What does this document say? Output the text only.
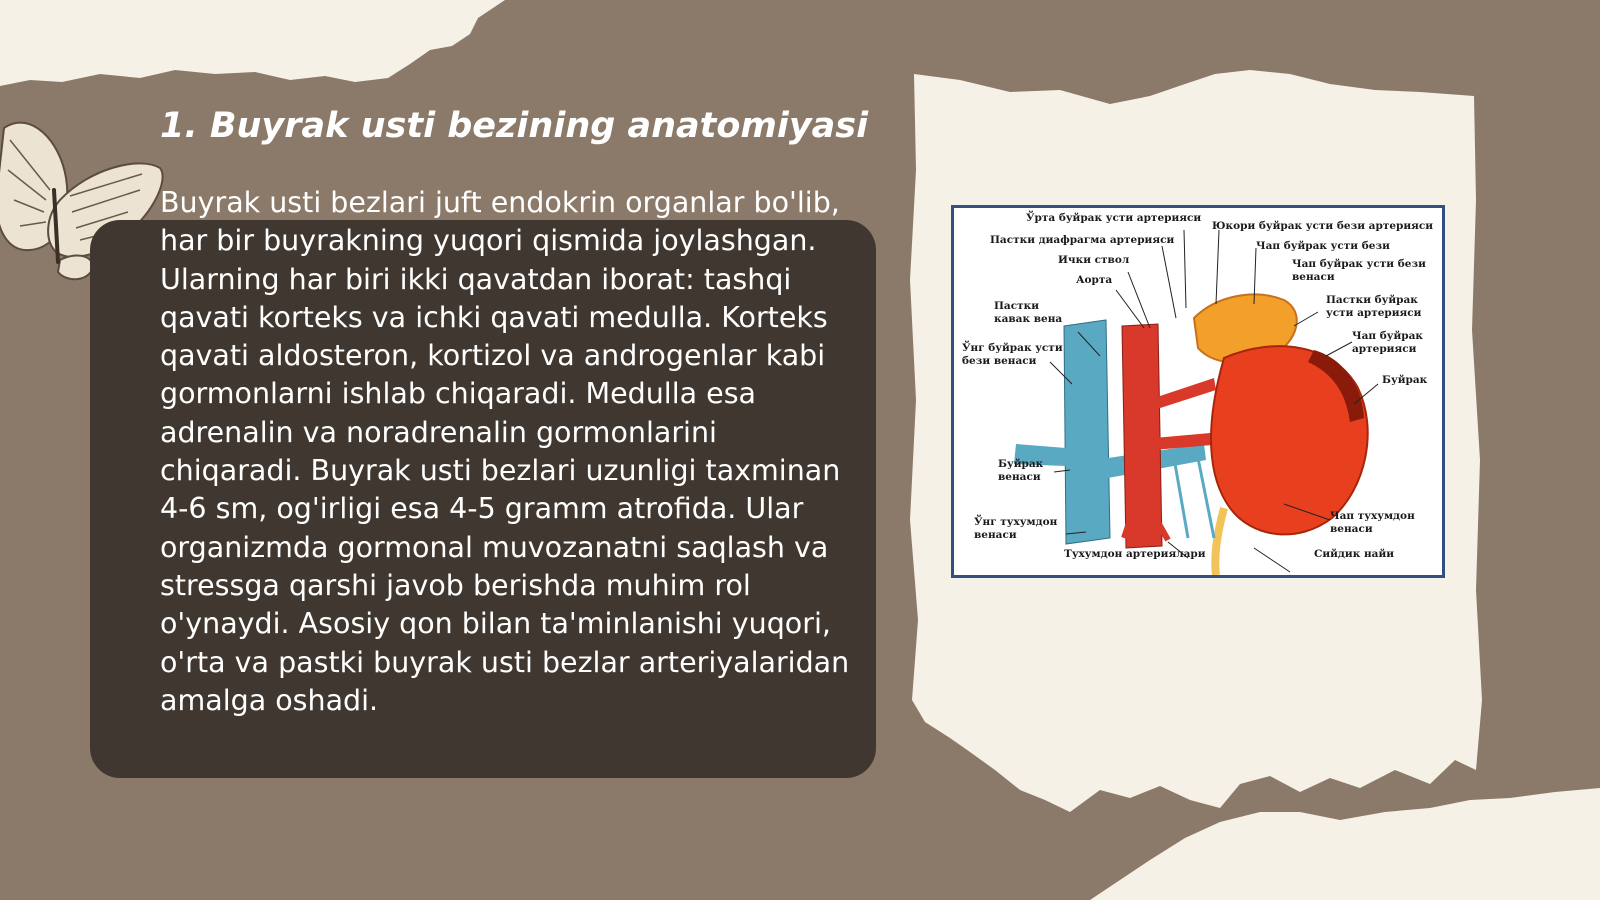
1. Buyrak usti bezining anatomiyasi

Buyrak usti bezlari juft endokrin organlar bo'lib, har bir buyrakning yuqori qismida joylashgan. Ularning har biri ikki qavatdan iborat: tashqi qavati korteks va ichki qavati medulla. Korteks qavati aldosteron, kortizol va androgenlar kabi gormonlarni ishlab chiqaradi. Medulla esa adrenalin va noradrenalin gormonlarini chiqaradi. Buyrak usti bezlari uzunligi taxminan 4-6 sm, og'irligi esa 4-5 gramm atrofida. Ular organizmda gormonal muvozanatni saqlash va stressga qarshi javob berishda muhim rol o'ynaydi. Asosiy qon bilan ta'minlanishi yuqori, o'rta va pastki buyrak usti bezlar arteriyalaridan amalga oshadi.

Ўрта буйрак усти артерияси
Юкори буйрак усти бези артерияси
Пастки диафрагма артерияси	Чап буйрак усти бези
Ички ствол	Чап буйрак усти бези
венаси
Аорта
Пастки буйрак
усти артерияси
Пастки
кавак вена
Чап буйрак
артерияси
Ўнг буйрак усти
бези венаси
Буйрак
Буйрак
венаси
Чап тухумдон
венаси
Ўнг тухумдон
венаси
Тухумдон артериялари	Сийдик найи
